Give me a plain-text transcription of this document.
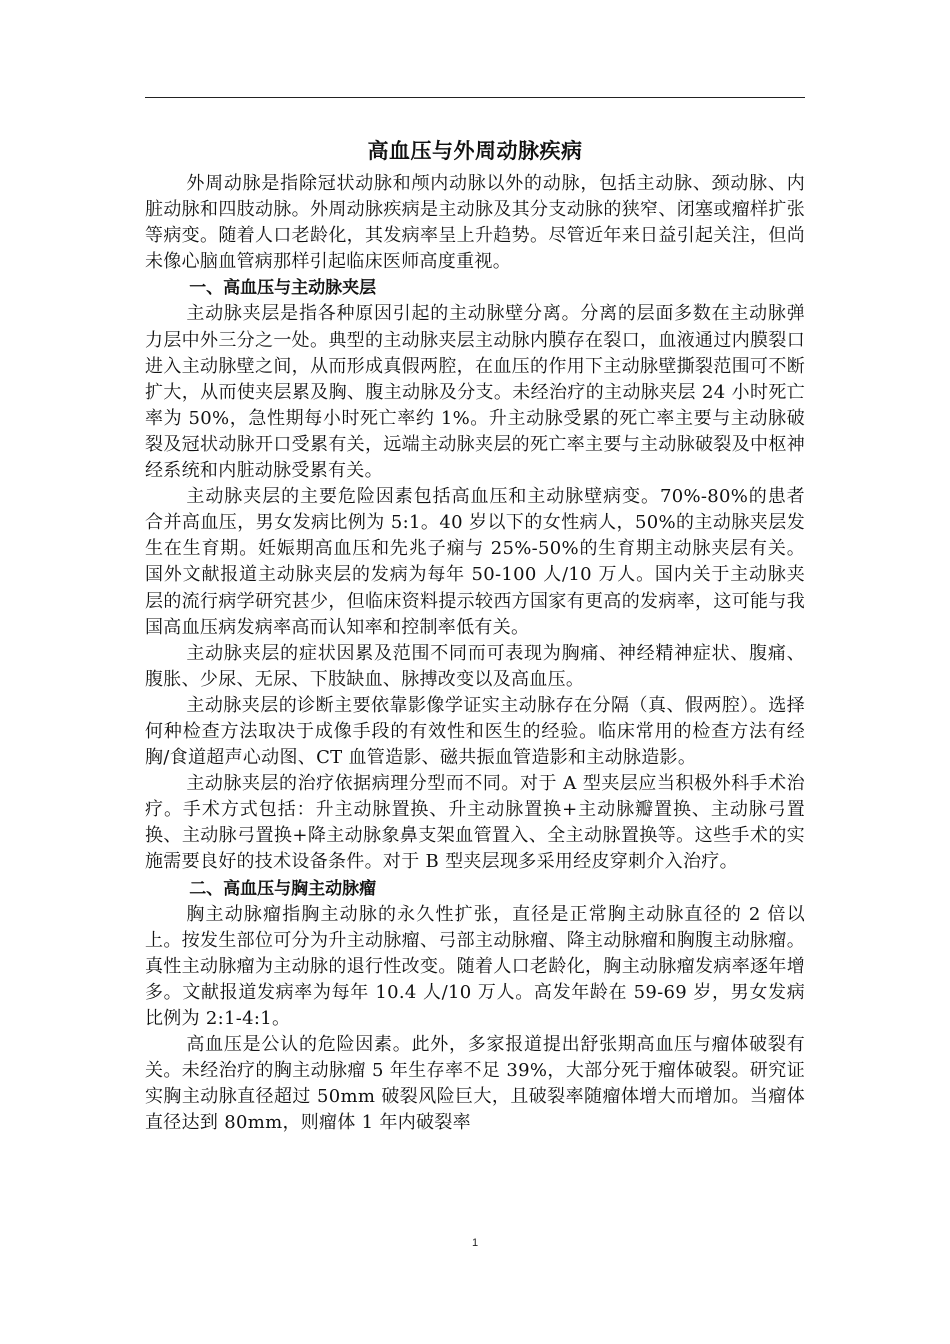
高血压与外周动脉疾病

外周动脉是指除冠状动脉和颅内动脉以外的动脉，包括主动脉、颈动脉、内脏动脉和四肢动脉。外周动脉疾病是主动脉及其分支动脉的狭窄、闭塞或瘤样扩张等病变。随着人口老龄化，其发病率呈上升趋势。尽管近年来日益引起关注，但尚未像心脑血管病那样引起临床医师高度重视。

一、高血压与主动脉夹层

主动脉夹层是指各种原因引起的主动脉壁分离。分离的层面多数在主动脉弹力层中外三分之一处。典型的主动脉夹层主动脉内膜存在裂口，血液通过内膜裂口进入主动脉壁之间，从而形成真假两腔，在血压的作用下主动脉壁撕裂范围可不断扩大，从而使夹层累及胸、腹主动脉及分支。未经治疗的主动脉夹层 24 小时死亡率为 50%，急性期每小时死亡率约 1%。升主动脉受累的死亡率主要与主动脉破裂及冠状动脉开口受累有关，远端主动脉夹层的死亡率主要与主动脉破裂及中枢神经系统和内脏动脉受累有关。

主动脉夹层的主要危险因素包括高血压和主动脉壁病变。70%-80%的患者合并高血压，男女发病比例为 5:1。40 岁以下的女性病人，50%的主动脉夹层发生在生育期。妊娠期高血压和先兆子痫与 25%-50%的生育期主动脉夹层有关。国外文献报道主动脉夹层的发病为每年 50-100 人/10 万人。国内关于主动脉夹层的流行病学研究甚少，但临床资料提示较西方国家有更高的发病率，这可能与我国高血压病发病率高而认知率和控制率低有关。

主动脉夹层的症状因累及范围不同而可表现为胸痛、神经精神症状、腹痛、腹胀、少尿、无尿、下肢缺血、脉搏改变以及高血压。

主动脉夹层的诊断主要依靠影像学证实主动脉存在分隔（真、假两腔）。选择何种检查方法取决于成像手段的有效性和医生的经验。临床常用的检查方法有经胸/食道超声心动图、CT 血管造影、磁共振血管造影和主动脉造影。

主动脉夹层的治疗依据病理分型而不同。对于 A 型夹层应当积极外科手术治疗。手术方式包括：升主动脉置换、升主动脉置换+主动脉瓣置换、主动脉弓置换、主动脉弓置换+降主动脉象鼻支架血管置入、全主动脉置换等。这些手术的实施需要良好的技术设备条件。对于 B 型夹层现多采用经皮穿刺介入治疗。

二、高血压与胸主动脉瘤

胸主动脉瘤指胸主动脉的永久性扩张，直径是正常胸主动脉直径的 2 倍以上。按发生部位可分为升主动脉瘤、弓部主动脉瘤、降主动脉瘤和胸腹主动脉瘤。真性主动脉瘤为主动脉的退行性改变。随着人口老龄化，胸主动脉瘤发病率逐年增多。文献报道发病率为每年 10.4 人/10 万人。高发年龄在 59-69 岁，男女发病比例为 2:1-4:1。

高血压是公认的危险因素。此外，多家报道提出舒张期高血压与瘤体破裂有关。未经治疗的胸主动脉瘤 5 年生存率不足 39%，大部分死于瘤体破裂。研究证实胸主动脉直径超过 50mm 破裂风险巨大，且破裂率随瘤体增大而增加。当瘤体直径达到 80mm，则瘤体 1 年内破裂率

1
